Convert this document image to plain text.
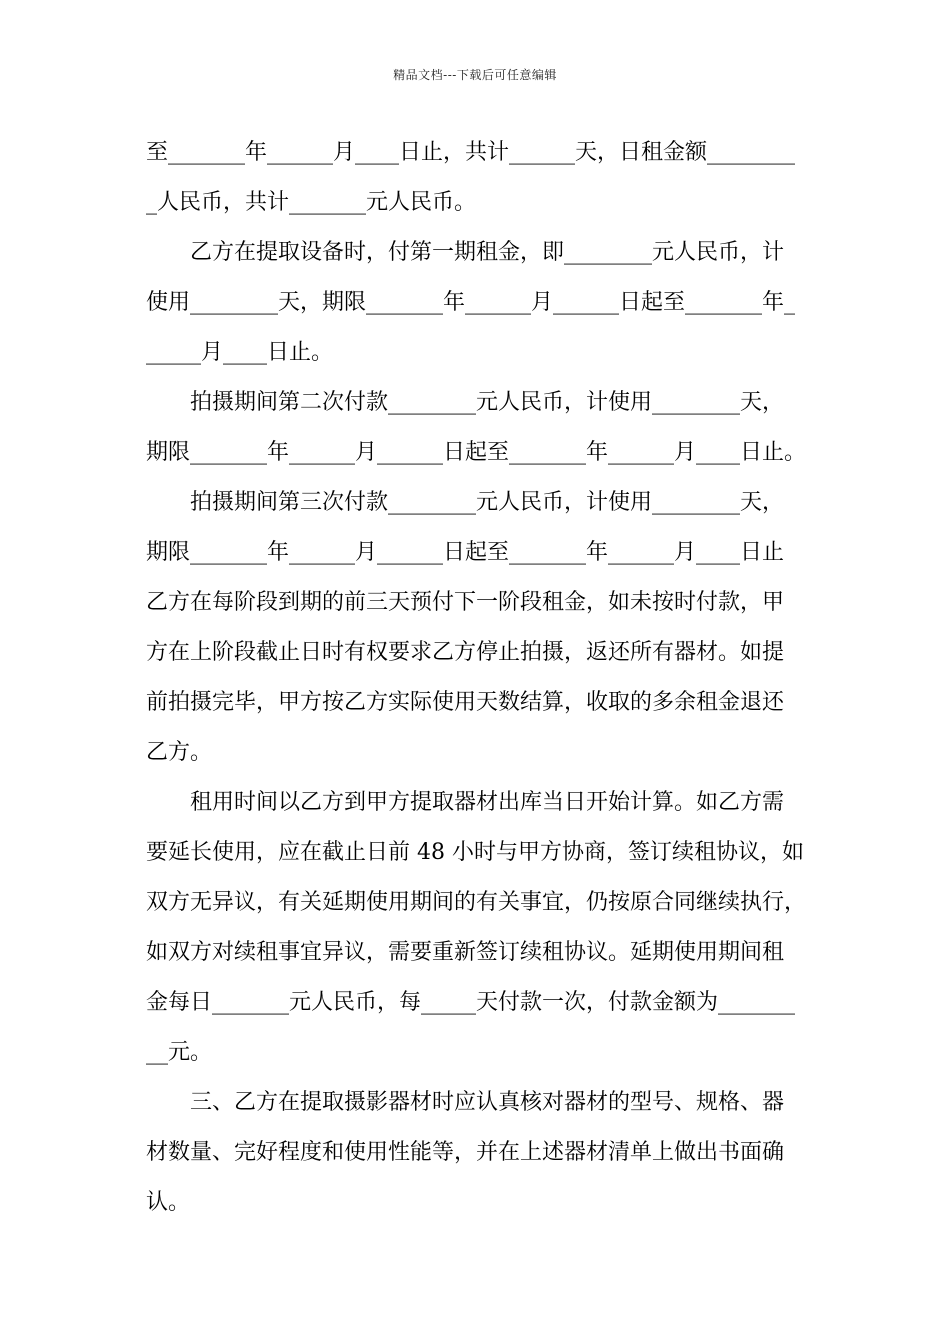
精品文档---下载后可任意编辑
至_______年______月____日止，共计______天，日租金额________
_人民币，共计_______元人民币。
乙方在提取设备时，付第一期租金，即________元人民币，计
使用________天，期限_______年______月______日起至_______年_
_____月____日止。
拍摄期间第二次付款________元人民币，计使用________天，
期限_______年______月______日起至_______年______月____日止。
拍摄期间第三次付款________元人民币，计使用________天，
期限_______年______月______日起至_______年______月____日止
乙方在每阶段到期的前三天预付下一阶段租金，如未按时付款，甲
方在上阶段截止日时有权要求乙方停止拍摄，返还所有器材。如提
前拍摄完毕，甲方按乙方实际使用天数结算，收取的多余租金退还
乙方。
租用时间以乙方到甲方提取器材出库当日开始计算。如乙方需
要延长使用，应在截止日前 48 小时与甲方协商，签订续租协议，如
双方无异议，有关延期使用期间的有关事宜，仍按原合同继续执行，
如双方对续租事宜异议，需要重新签订续租协议。延期使用期间租
金每日_______元人民币，每_____天付款一次，付款金额为_______
__元。
三、乙方在提取摄影器材时应认真核对器材的型号、规格、器
材数量、完好程度和使用性能等，并在上述器材清单上做出书面确
认。
